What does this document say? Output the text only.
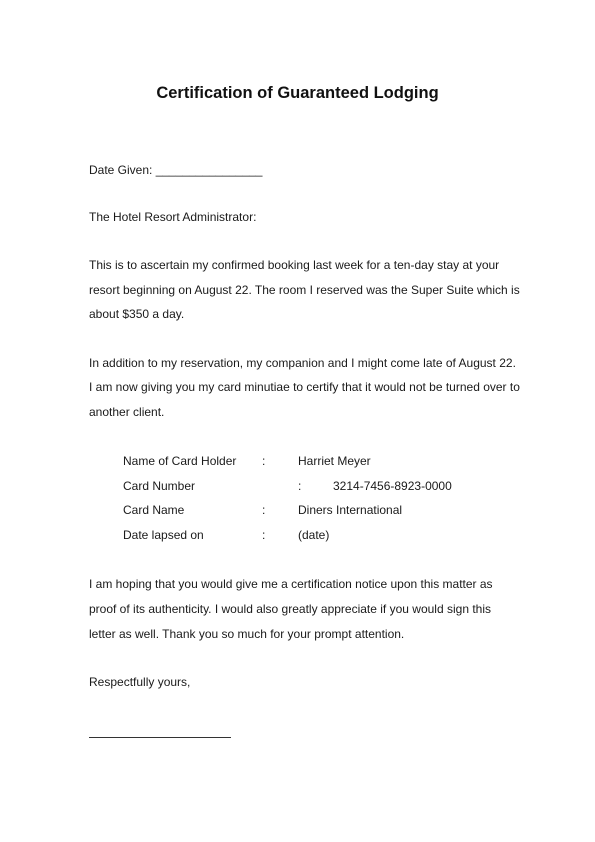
Certification of Guaranteed Lodging
Date Given: ________________
The Hotel Resort Administrator:
This is to ascertain my confirmed booking last week for a ten-day stay at your
resort beginning on August 22. The room I reserved was the Super Suite which is
about $350 a day.
In addition to my reservation, my companion and I might come late of August 22.
I am now giving you my card minutiae to certify that it would not be turned over to
another client.
Name of Card Holder :	Harriet Meyer
Card Number	:	3214-7456-8923-0000
Card Name	:	Diners International
Date lapsed on	:	(date)
I am hoping that you would give me a certification notice upon this matter as
proof of its authenticity. I would also greatly appreciate if you would sign this
letter as well. Thank you so much for your prompt attention.
Respectfully yours,
